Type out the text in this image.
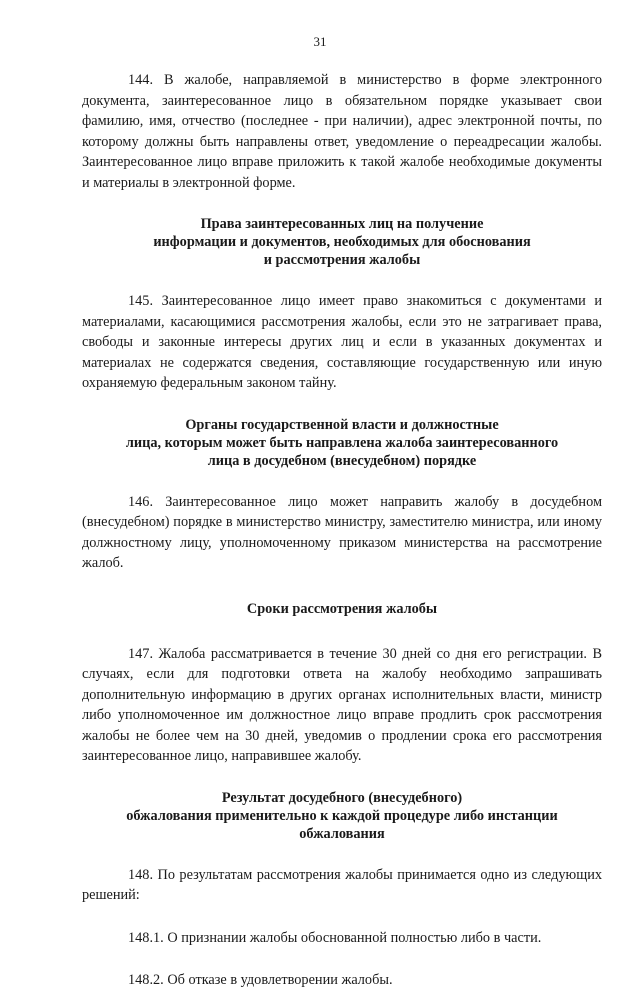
31

144. В жалобе, направляемой в министерство в форме электронного документа, заинтересованное лицо в обязательном порядке указывает свои фамилию, имя, отчество (последнее - при наличии), адрес электронной почты, по которому должны быть направлены ответ, уведомление о переадресации жалобы. Заинтересованное лицо вправе приложить к такой жалобе необходимые документы и материалы в электронной форме.

Права заинтересованных лиц на получение
информации и документов, необходимых для обоснования
и рассмотрения жалобы

145. Заинтересованное лицо имеет право знакомиться с документами и материалами, касающимися рассмотрения жалобы, если это не затрагивает права, свободы и законные интересы других лиц и если в указанных документах и материалах не содержатся сведения, составляющие государственную или иную охраняемую федеральным законом тайну.

Органы государственной власти и должностные
лица, которым может быть направлена жалоба заинтересованного
лица в досудебном (внесудебном) порядке

146. Заинтересованное лицо может направить жалобу в досудебном (внесудебном) порядке в министерство министру, заместителю министра, или иному должностному лицу, уполномоченному приказом министерства на рассмотрение жалоб.

Сроки рассмотрения жалобы

147. Жалоба рассматривается в течение 30 дней со дня его регистрации. В случаях, если для подготовки ответа на жалобу необходимо запрашивать дополнительную информацию в других органах исполнительных власти, министр либо уполномоченное им должностное лицо вправе продлить срок рассмотрения жалобы не более чем на 30 дней, уведомив о продлении срока его рассмотрения заинтересованное лицо, направившее жалобу.

Результат досудебного (внесудебного)
обжалования применительно к каждой процедуре либо инстанции
обжалования

148. По результатам рассмотрения жалобы принимается одно из следующих решений:

148.1. О признании жалобы обоснованной полностью либо в части.

148.2. Об отказе в удовлетворении жалобы.
